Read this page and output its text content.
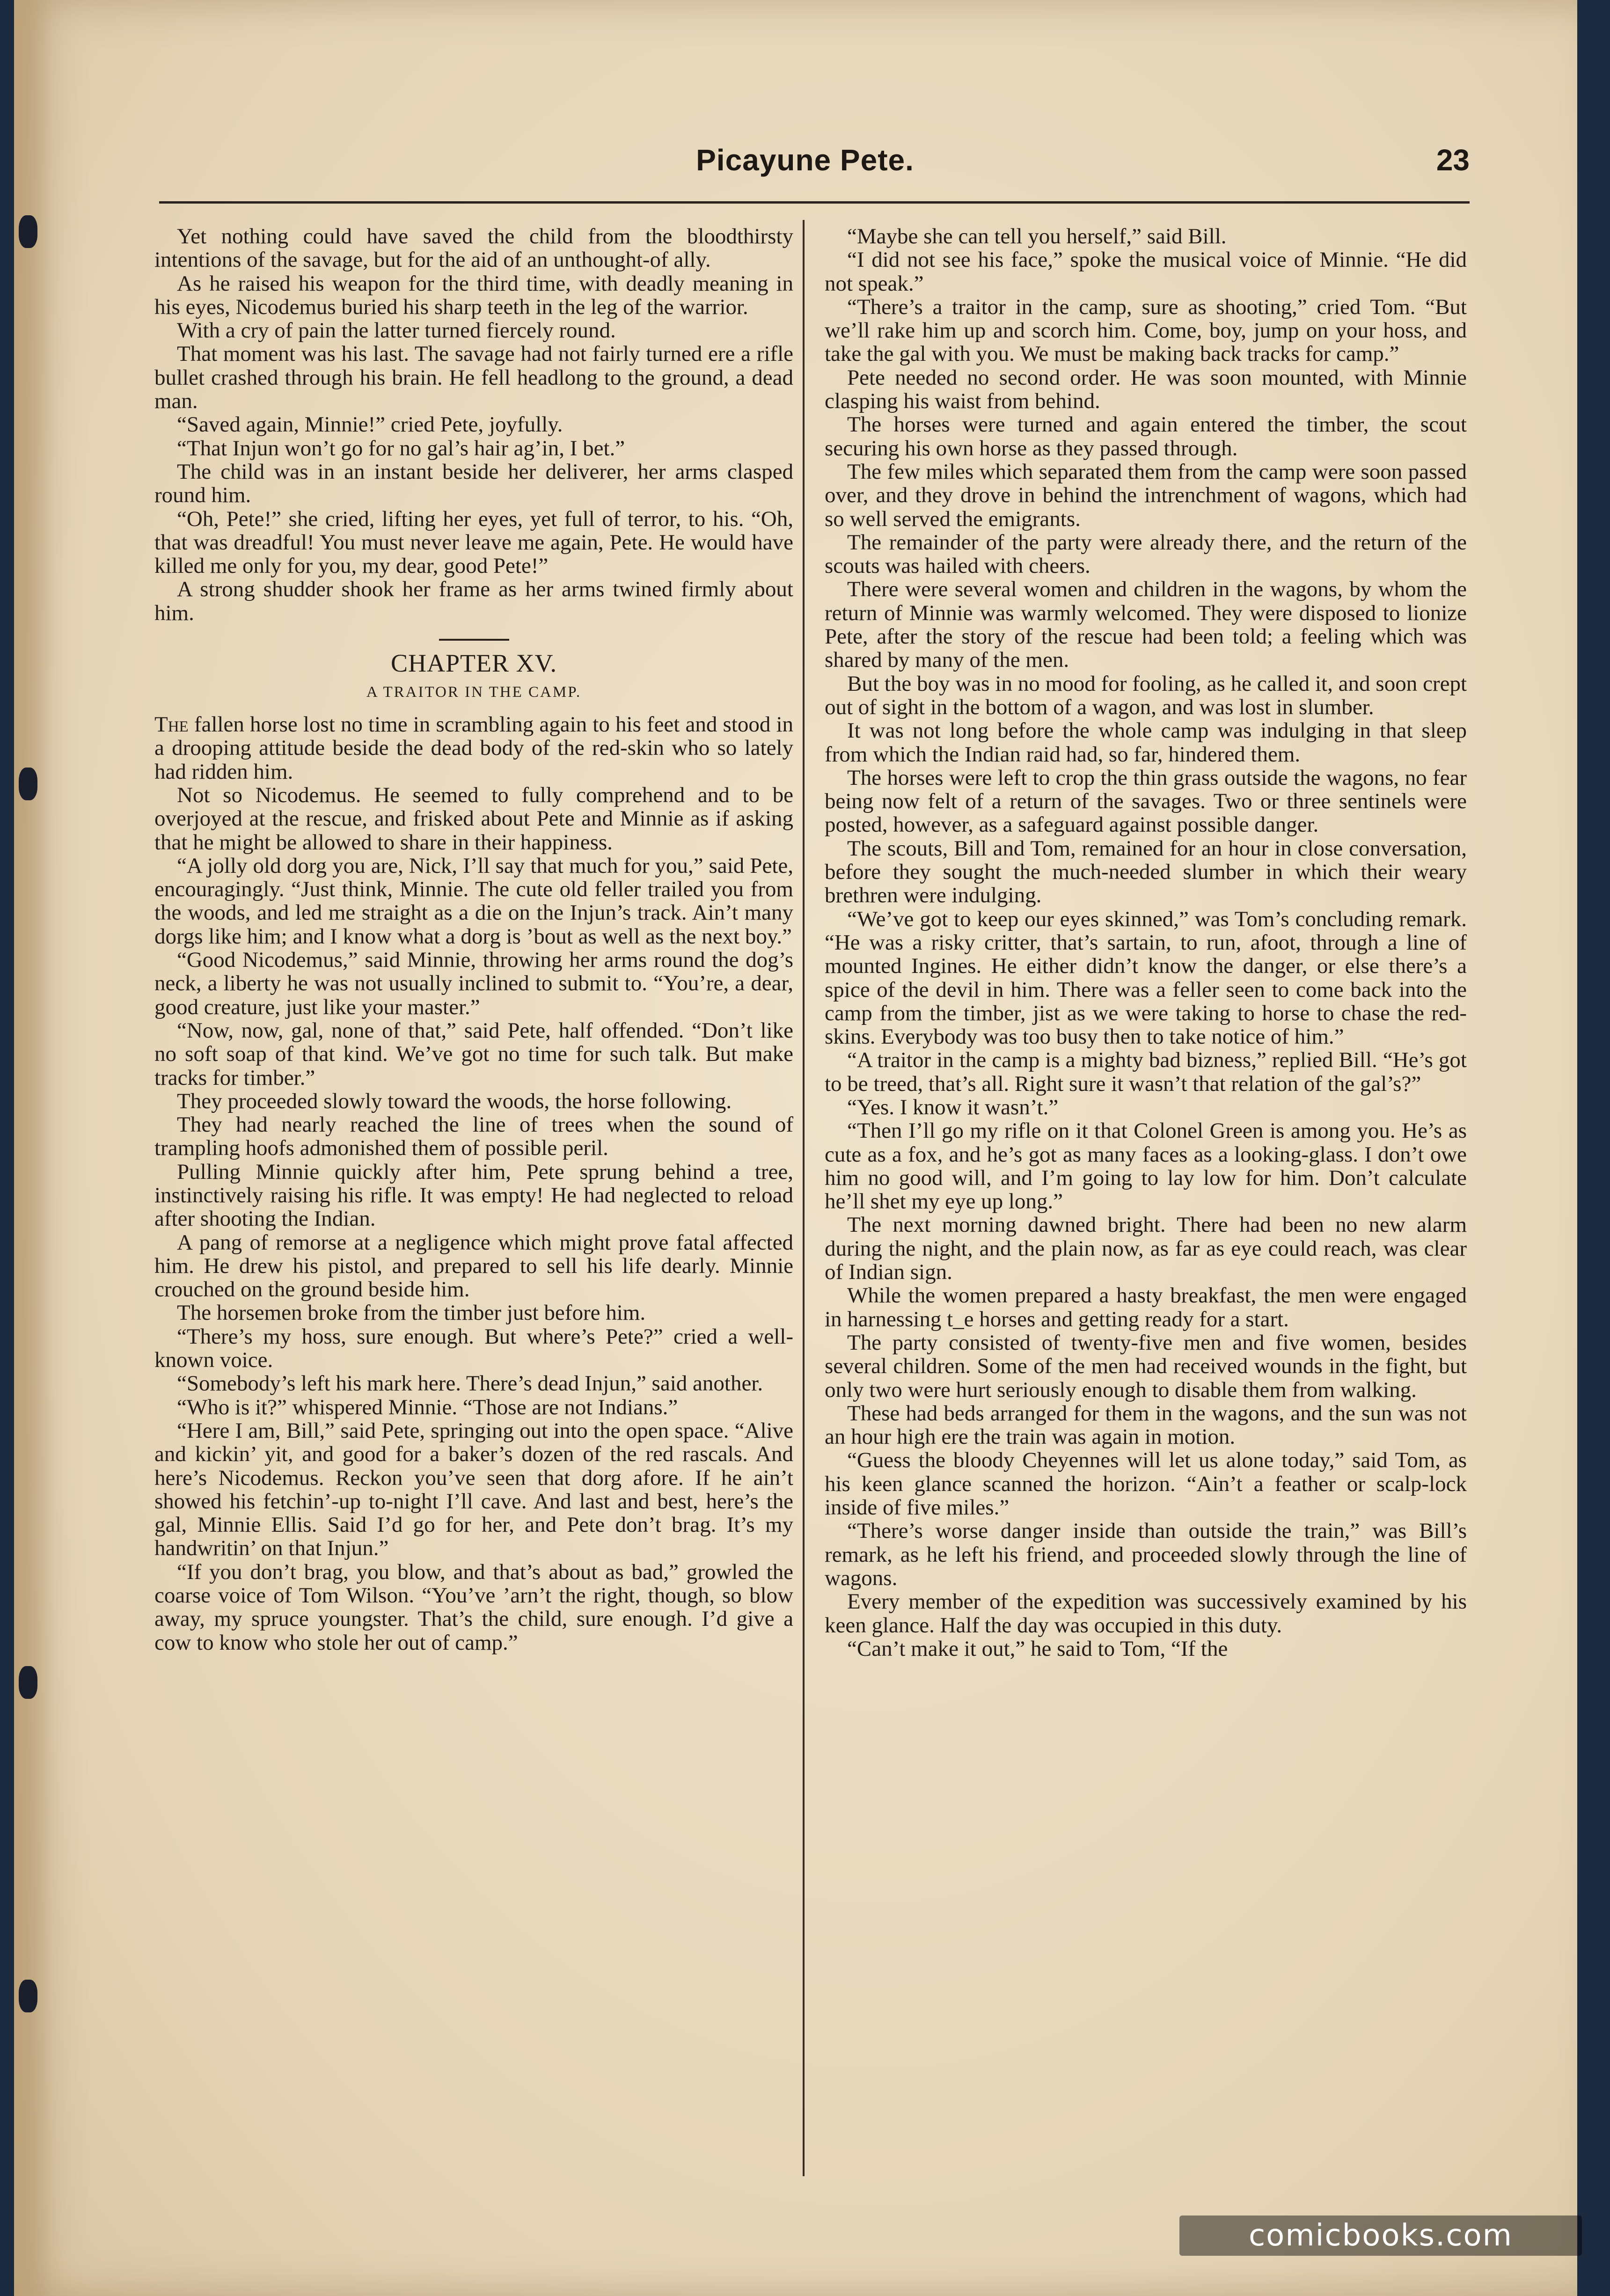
Picayune Pete.	23

Yet nothing could have saved the child from the bloodthirsty intentions of the savage, but for the aid of an unthought-of ally.

As he raised his weapon for the third time, with deadly meaning in his eyes, Nicodemus buried his sharp teeth in the leg of the warrior.

With a cry of pain the latter turned fiercely round.

That moment was his last. The savage had not fairly turned ere a rifle bullet crashed through his brain. He fell headlong to the ground, a dead man.

“Saved again, Minnie!” cried Pete, joyfully.

“That Injun won’t go for no gal’s hair ag’in, I bet.”

The child was in an instant beside her deliverer, her arms clasped round him.

“Oh, Pete!” she cried, lifting her eyes, yet full of terror, to his. “Oh, that was dreadful! You must never leave me again, Pete. He would have killed me only for you, my dear, good Pete!”

A strong shudder shook her frame as her arms twined firmly about him.

CHAPTER XV.
A TRAITOR IN THE CAMP.

The fallen horse lost no time in scrambling again to his feet and stood in a drooping attitude beside the dead body of the red-skin who so lately had ridden him.

Not so Nicodemus. He seemed to fully comprehend and to be overjoyed at the rescue, and frisked about Pete and Minnie as if asking that he might be allowed to share in their happiness.

“A jolly old dorg you are, Nick, I’ll say that much for you,” said Pete, encouragingly. “Just think, Minnie. The cute old feller trailed you from the woods, and led me straight as a die on the Injun’s track. Ain’t many dorgs like him; and I know what a dorg is ’bout as well as the next boy.”

“Good Nicodemus,” said Minnie, throwing her arms round the dog’s neck, a liberty he was not usually inclined to submit to. “You’re, a dear, good creature, just like your master.”

“Now, now, gal, none of that,” said Pete, half offended. “Don’t like no soft soap of that kind. We’ve got no time for such talk. But make tracks for timber.”

They proceeded slowly toward the woods, the horse following.

They had nearly reached the line of trees when the sound of trampling hoofs admonished them of possible peril.

Pulling Minnie quickly after him, Pete sprung behind a tree, instinctively raising his rifle. It was empty! He had neglected to reload after shooting the Indian.

A pang of remorse at a negligence which might prove fatal affected him. He drew his pistol, and prepared to sell his life dearly. Minnie crouched on the ground beside him.

The horsemen broke from the timber just before him.

“There’s my hoss, sure enough. But where’s Pete?” cried a well-known voice.

“Somebody’s left his mark here. There’s dead Injun,” said another.

“Who is it?” whispered Minnie. “Those are not Indians.”

“Here I am, Bill,” said Pete, springing out into the open space. “Alive and kickin’ yit, and good for a baker’s dozen of the red rascals. And here’s Nicodemus. Reckon you’ve seen that dorg afore. If he ain’t showed his fetchin’-up to-night I’ll cave. And last and best, here’s the gal, Minnie Ellis. Said I’d go for her, and Pete don’t brag. It’s my handwritin’ on that Injun.”

“If you don’t brag, you blow, and that’s about as bad,” growled the coarse voice of Tom Wilson. “You’ve ’arn’t the right, though, so blow away, my spruce youngster. That’s the child, sure enough. I’d give a cow to know who stole her out of camp.”

“Maybe she can tell you herself,” said Bill.

“I did not see his face,” spoke the musical voice of Minnie. “He did not speak.”

“There’s a traitor in the camp, sure as shooting,” cried Tom. “But we’ll rake him up and scorch him. Come, boy, jump on your hoss, and take the gal with you. We must be making back tracks for camp.”

Pete needed no second order. He was soon mounted, with Minnie clasping his waist from behind.

The horses were turned and again entered the timber, the scout securing his own horse as they passed through.

The few miles which separated them from the camp were soon passed over, and they drove in behind the intrenchment of wagons, which had so well served the emigrants.

The remainder of the party were already there, and the return of the scouts was hailed with cheers.

There were several women and children in the wagons, by whom the return of Minnie was warmly welcomed. They were disposed to lionize Pete, after the story of the rescue had been told; a feeling which was shared by many of the men.

But the boy was in no mood for fooling, as he called it, and soon crept out of sight in the bottom of a wagon, and was lost in slumber.

It was not long before the whole camp was indulging in that sleep from which the Indian raid had, so far, hindered them.

The horses were left to crop the thin grass outside the wagons, no fear being now felt of a return of the savages. Two or three sentinels were posted, however, as a safeguard against possible danger.

The scouts, Bill and Tom, remained for an hour in close conversation, before they sought the much-needed slumber in which their weary brethren were indulging.

“We’ve got to keep our eyes skinned,” was Tom’s concluding remark. “He was a risky critter, that’s sartain, to run, afoot, through a line of mounted Ingines. He either didn’t know the danger, or else there’s a spice of the devil in him. There was a feller seen to come back into the camp from the timber, jist as we were taking to horse to chase the red-skins. Everybody was too busy then to take notice of him.”

“A traitor in the camp is a mighty bad bizness,” replied Bill. “He’s got to be treed, that’s all. Right sure it wasn’t that relation of the gal’s?”

“Yes. I know it wasn’t.”

“Then I’ll go my rifle on it that Colonel Green is among you. He’s as cute as a fox, and he’s got as many faces as a looking-glass. I don’t owe him no good will, and I’m going to lay low for him. Don’t calculate he’ll shet my eye up long.”

The next morning dawned bright. There had been no new alarm during the night, and the plain now, as far as eye could reach, was clear of Indian sign.

While the women prepared a hasty breakfast, the men were engaged in harnessing t_e horses and getting ready for a start.

The party consisted of twenty-five men and five women, besides several children. Some of the men had received wounds in the fight, but only two were hurt seriously enough to disable them from walking.

These had beds arranged for them in the wagons, and the sun was not an hour high ere the train was again in motion.

“Guess the bloody Cheyennes will let us alone today,” said Tom, as his keen glance scanned the horizon. “Ain’t a feather or scalp-lock inside of five miles.”

“There’s worse danger inside than outside the train,” was Bill’s remark, as he left his friend, and proceeded slowly through the line of wagons.

Every member of the expedition was successively examined by his keen glance. Half the day was occupied in this duty.

“Can’t make it out,” he said to Tom, “If the

comicbooks.com
